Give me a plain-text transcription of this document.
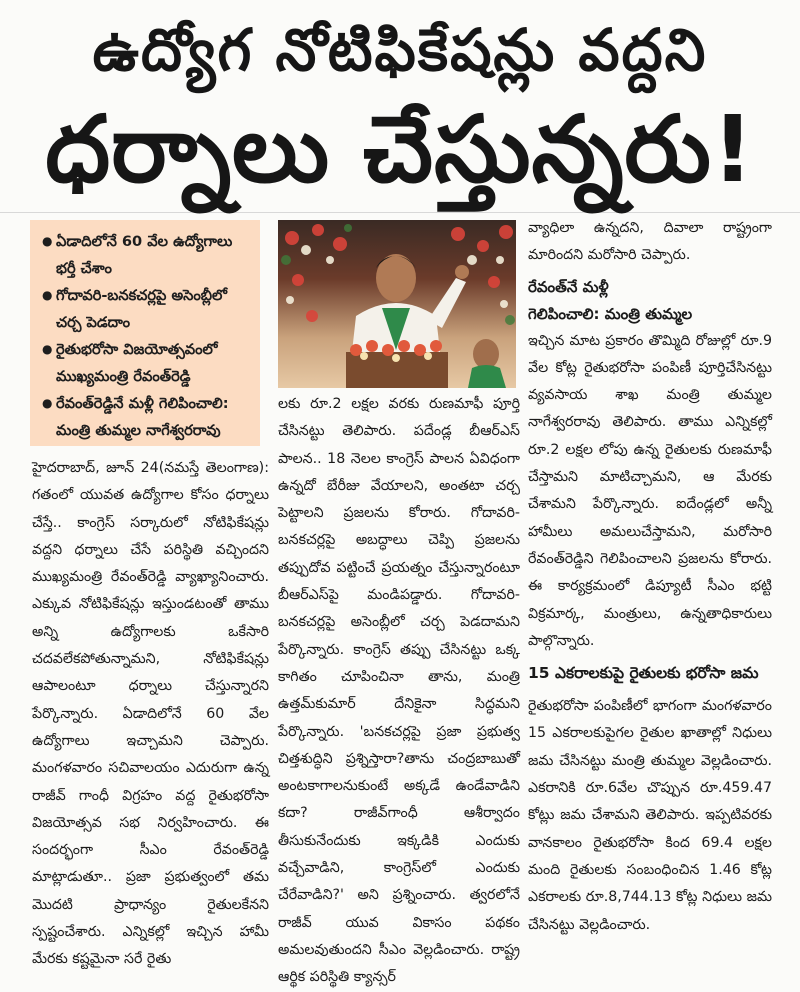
ఉద్యోగ నోటిఫికేషన్లు వద్దని
ధర్నాలు చేస్తున్నరు!
● ఏడాదిలోనే 60 వేల ఉద్యోగాలు భర్తీ చేశాం
● గోదావరి-బనకచర్లపై అసెంబ్లీలో చర్చ పెడదాం
● రైతుభరోసా విజయోత్సవంలో ముఖ్యమంత్రి రేవంత్‌రెడ్డి
● రేవంత్‌రెడ్డినే మళ్లీ గెలిపించాలి: మంత్రి తుమ్మల నాగేశ్వరరావు

హైదరాబాద్, జూన్ 24(నమస్తే తెలంగాణ): గతంలో యువత ఉద్యోగాల కోసం ధర్నాలు చేస్తే.. కాంగ్రెస్ సర్కారులో నోటిఫికేషన్లు వద్దని ధర్నాలు చేసే పరిస్థితి వచ్చిందని ముఖ్యమంత్రి రేవంత్‌రెడ్డి వ్యాఖ్యానించారు. ఎక్కువ నోటిఫికేషన్లు ఇస్తుండటంతో తాము అన్ని ఉద్యోగాలకు ఒకేసారి చదవలేకపోతున్నామని, నోటిఫికేషన్లు ఆపాలంటూ ధర్నాలు చేస్తున్నారని పేర్కొన్నారు. ఏడాదిలోనే 60 వేల ఉద్యోగాలు ఇచ్చామని చెప్పారు. మంగళవారం సచివాలయం ఎదురుగా ఉన్న రాజీవ్ గాంధీ విగ్రహం వద్ద రైతుభరోసా విజయోత్సవ సభ నిర్వహించారు. ఈ సందర్భంగా సీఎం రేవంత్‌రెడ్డి మాట్లాడుతూ.. ప్రజా ప్రభుత్వంలో తమ మొదటి ప్రాధాన్యం రైతులకేనని స్పష్టంచేశారు. ఎన్నికల్లో ఇచ్చిన హామీ మేరకు కష్టమైనా సరే రైతు

లకు రూ.2 లక్షల వరకు రుణమాఫీ పూర్తి చేసినట్టు తెలిపారు. పదేండ్ల బీఆర్‌ఎస్ పాలన.. 18 నెలల కాంగ్రెస్ పాలన ఏవిధంగా ఉన్నదో బేరీజు వేయాలని, అంతటా చర్చ పెట్టాలని ప్రజలను కోరారు. గోదావరి-బనకచర్లపై అబద్ధాలు చెప్పి ప్రజలను తప్పుదోవ పట్టించే ప్రయత్నం చేస్తున్నారంటూ బీఆర్‌ఎస్‌పై మండిపడ్డారు. గోదావరి-బనకచర్లపై అసెంబ్లీలో చర్చ పెడదామని పేర్కొన్నారు. కాంగ్రెస్ తప్పు చేసినట్టు ఒక్క కాగితం చూపించినా తాను, మంత్రి ఉత్తమ్‌కుమార్ దేనికైనా సిద్ధమని పేర్కొన్నారు. 'బనకచర్లపై ప్రజా ప్రభుత్వ చిత్తశుద్ధిని ప్రశ్నిస్తారా?తాను చంద్రబాబుతో అంటకాగాలనుకుంటే అక్కడే ఉండేవాడిని కదా? రాజీవ్‌గాంధీ ఆశీర్వాదం తీసుకునేందుకు ఇక్కడికి ఎందుకు వచ్చేవాడిని, కాంగ్రెస్‌లో ఎందుకు చేరేవాడిని?' అని ప్రశ్నించారు. త్వరలోనే రాజీవ్ యువ వికాసం పథకం అమలవుతుందని సీఎం వెల్లడించారు. రాష్ట్ర ఆర్థిక పరిస్థితి క్యాన్సర్

వ్యాధిలా ఉన్నదని, దివాలా రాష్ట్రంగా మారిందని మరోసారి చెప్పారు.

రేవంత్‌నే మళ్లీ
గెలిపించాలి: మంత్రి తుమ్మల

ఇచ్చిన మాట ప్రకారం తొమ్మిది రోజుల్లో రూ.9 వేల కోట్ల రైతుభరోసా పంపిణీ పూర్తిచేసినట్టు వ్యవసాయ శాఖ మంత్రి తుమ్మల నాగేశ్వరరావు తెలిపారు. తాము ఎన్నికల్లో రూ.2 లక్షల లోపు ఉన్న రైతులకు రుణమాఫీ చేస్తామని మాటిచ్చామని, ఆ మేరకు చేశామని పేర్కొన్నారు. ఐదేండ్లలో అన్నీ హామీలు అమలుచేస్తామని, మరోసారి రేవంత్‌రెడ్డిని గెలిపించాలని ప్రజలను కోరారు. ఈ కార్యక్రమంలో డిప్యూటీ సీఎం భట్టి విక్రమార్క, మంత్రులు, ఉన్నతాధికారులు పాల్గొన్నారు.

15 ఎకరాలకుపై రైతులకు భరోసా జమ

రైతుభరోసా పంపిణీలో భాగంగా మంగళవారం 15 ఎకరాలకుపైగల రైతుల ఖాతాల్లో నిధులు జమ చేసినట్టు మంత్రి తుమ్మల వెల్లడించారు. ఎకరానికి రూ.6వేల చొప్పున రూ.459.47 కోట్లు జమ చేశామని తెలిపారు. ఇప్పటివరకు వానకాలం రైతుభరోసా కింద 69.4 లక్షల మంది రైతులకు సంబంధించిన 1.46 కోట్ల ఎకరాలకు రూ.8,744.13 కోట్ల నిధులు జమ చేసినట్టు వెల్లడించారు.
